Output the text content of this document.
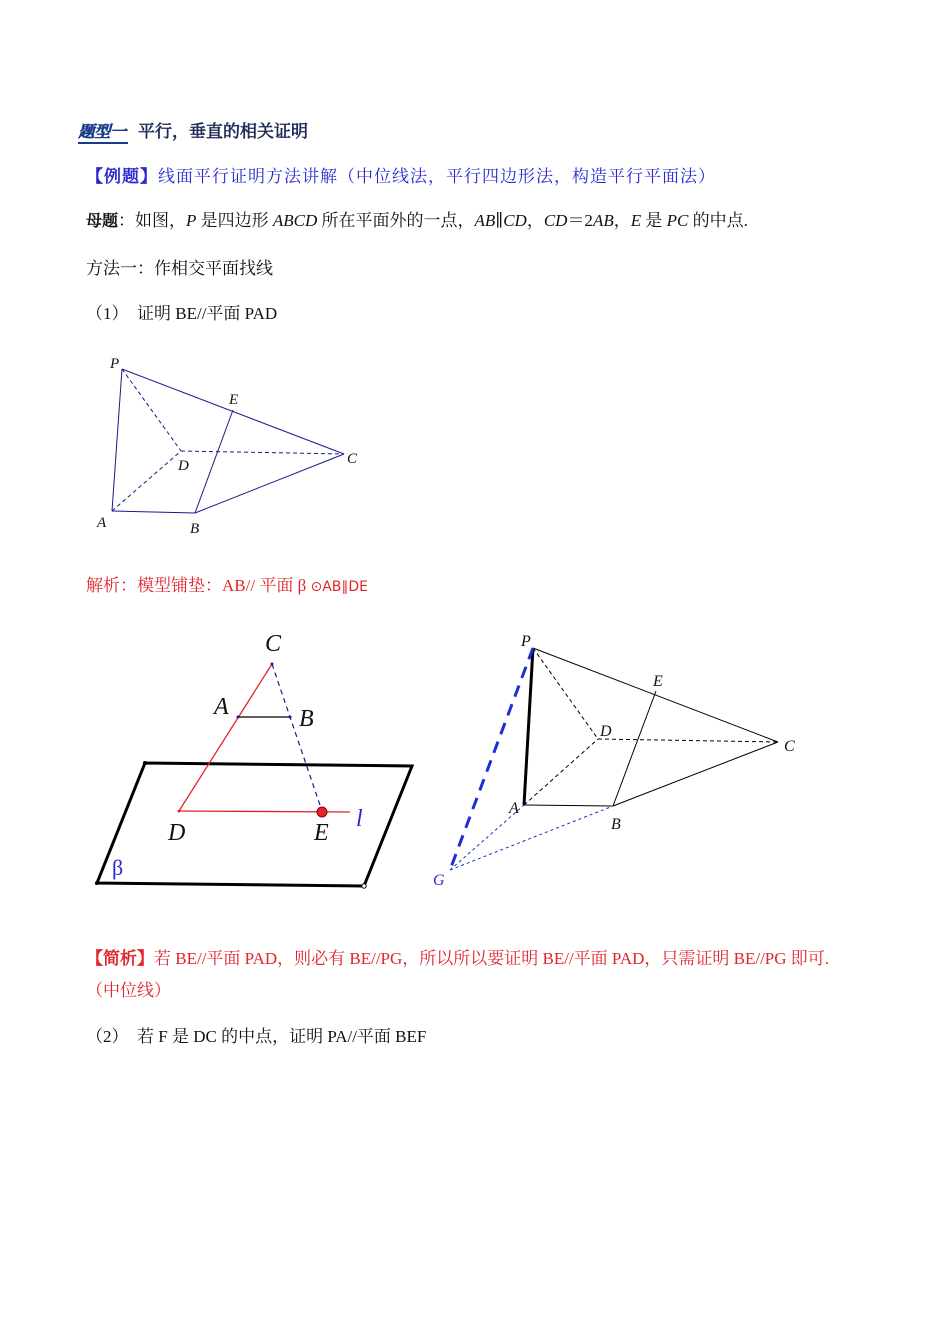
题型一 平行，垂直的相关证明
【例题】线面平行证明方法讲解（中位线法，平行四边形法，构造平行平面法）
母题：如图，P 是四边形 ABCD 所在平面外的一点，AB∥CD，CD＝2AB，E 是 PC 的中点.
方法一：作相交平面找线
（1）　证明 BE//平面 PAD
P
E
D	C
A	B
解析：模型铺垫：AB// 平面 β ⊙AB∥DE
C
A	B
D	E
l
β
P
E
D
C
A
B
G
【简析】若 BE//平面 PAD，则必有 BE//PG，所以所以要证明 BE//平面 PAD，只需证明 BE//PG 即可.（中位线）
（2）　若 F 是 DC 的中点，证明 PA//平面 BEF
